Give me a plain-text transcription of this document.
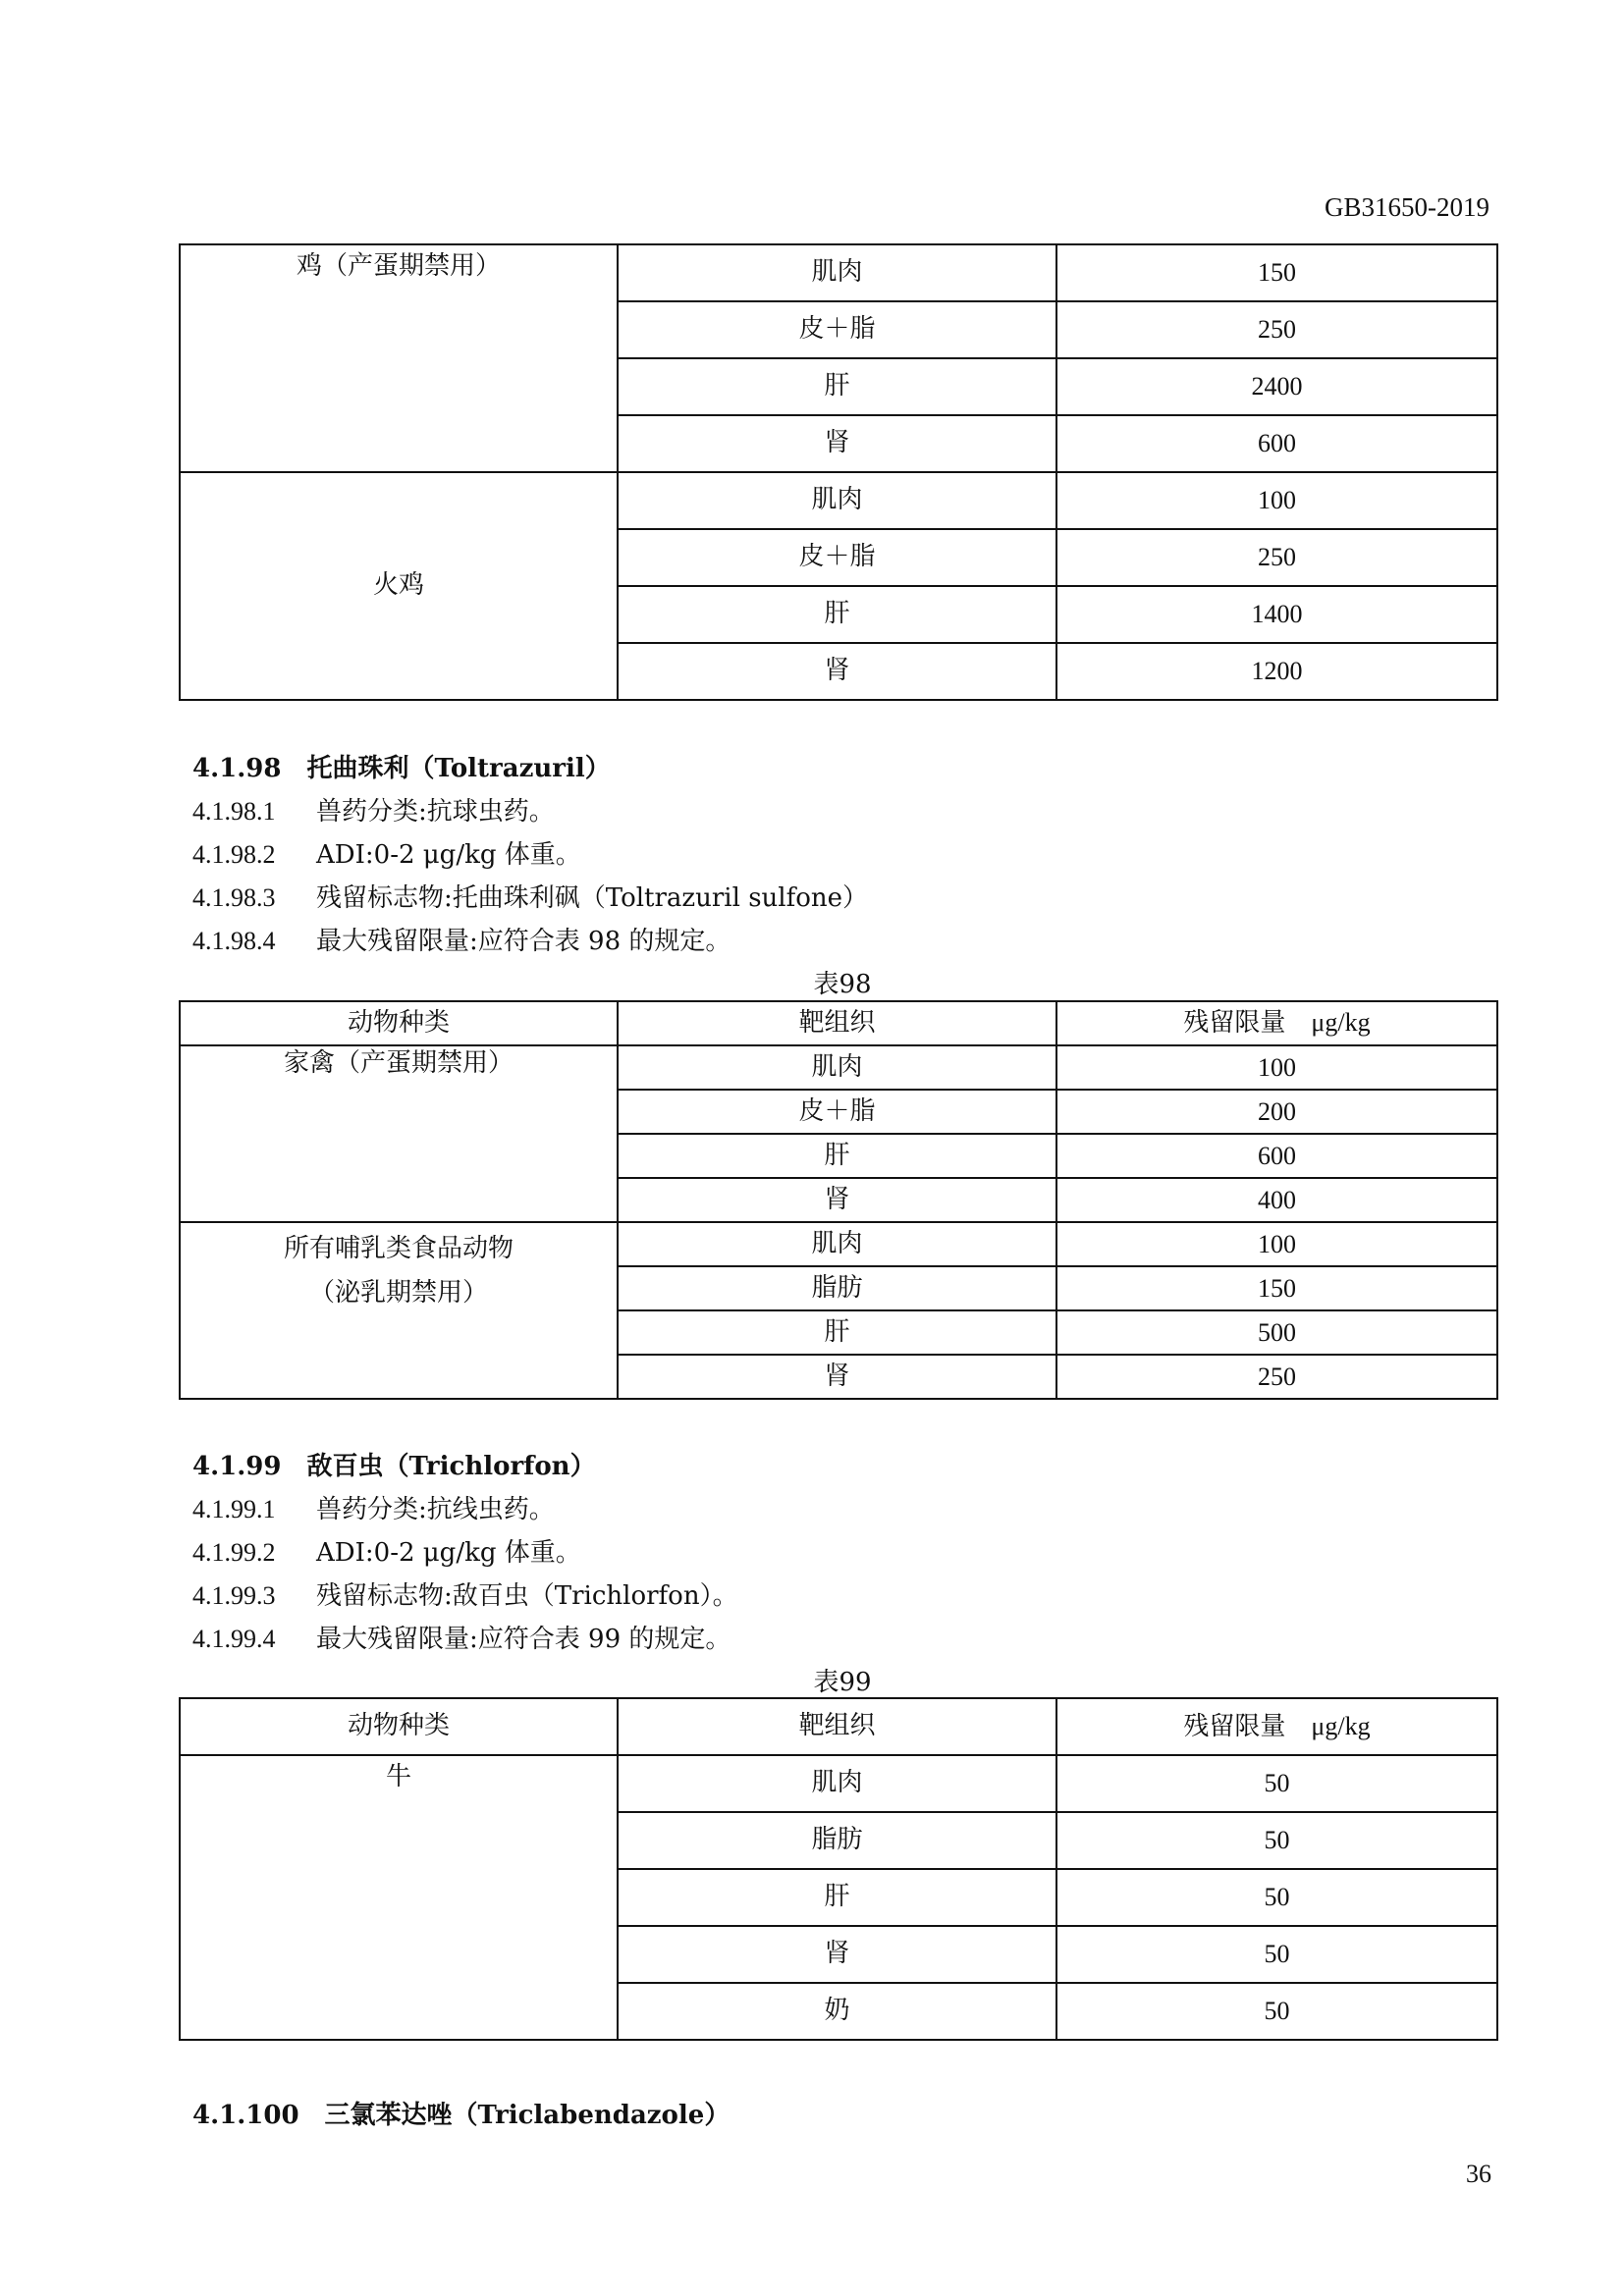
GB31650-2019
鸡（产蛋期禁用）	肌肉	150
	皮＋脂	250
	肝	2400
	肾	600
火鸡	肌肉	100
	皮＋脂	250
	肝	1400
	肾	1200
4.1.98　托曲珠利（Toltrazuril）
4.1.98.1 兽药分类:抗球虫药。
4.1.98.2 ADI:0-2 μg/kg 体重。
4.1.98.3 残留标志物:托曲珠利砜（Toltrazuril sulfone）
4.1.98.4 最大残留限量:应符合表 98 的规定。
表98
动物种类	靶组织	残留限量 μg/kg
家禽（产蛋期禁用）	肌肉	100
	皮＋脂	200
	肝	600
	肾	400

所有哺乳类食品动物
（泌乳期禁用）	肌肉	100
	脂肪	150
	肝	500
	肾	250
4.1.99　敌百虫（Trichlorfon）
4.1.99.1 兽药分类:抗线虫药。
4.1.99.2 ADI:0-2 μg/kg 体重。
4.1.99.3 残留标志物:敌百虫（Trichlorfon）。
4.1.99.4 最大残留限量:应符合表 99 的规定。
表99
动物种类	靶组织	残留限量 μg/kg
牛	肌肉	50
	脂肪	50
	肝	50
	肾	50
	奶	50
4.1.100　三氯苯达唑（Triclabendazole）
36
